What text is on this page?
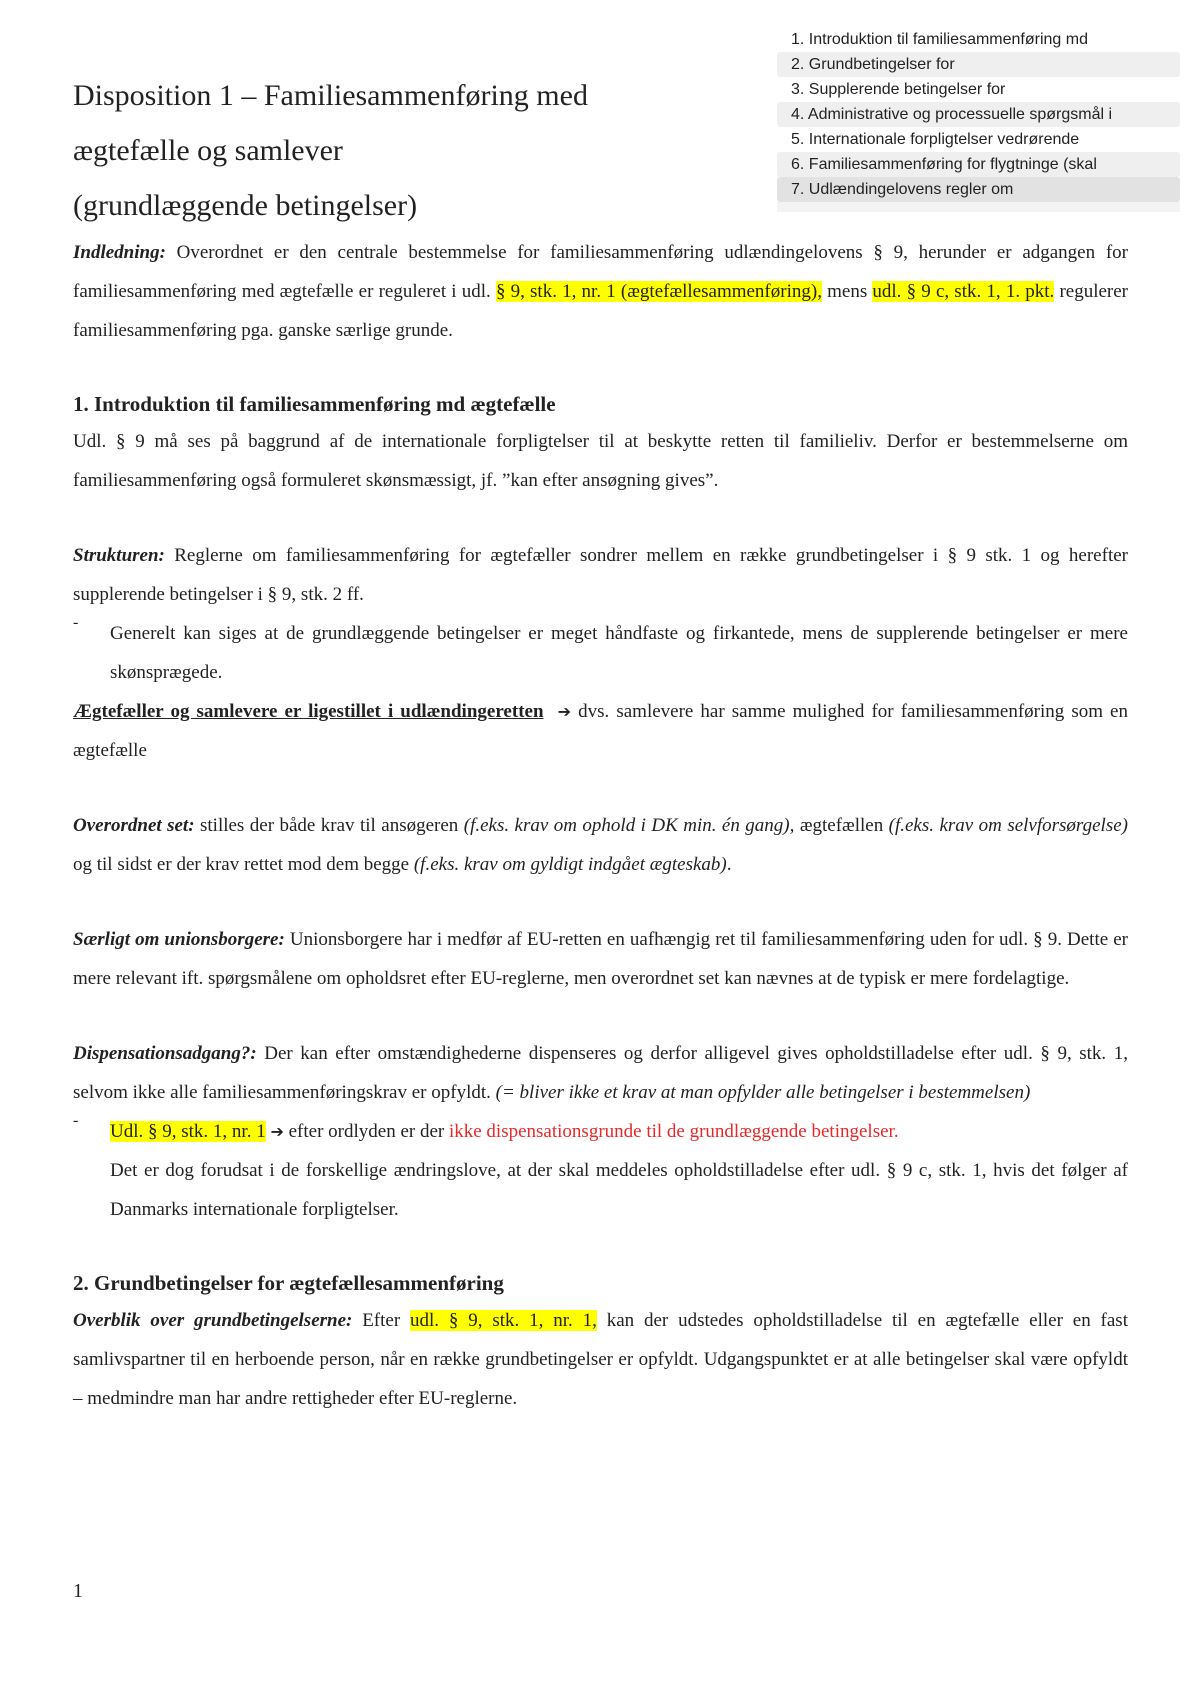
1. Introduktion til familiesammenføring md
2. Grundbetingelser for
3. Supplerende betingelser for
4. Administrative og processuelle spørgsmål i
5. Internationale forpligtelser vedrørende
6. Familiesammenføring for flygtninge (skal
7. Udlændingelovens regler om
Disposition 1 – Familiesammenføring med
ægtefælle og samlever
(grundlæggende betingelser)

Indledning: Overordnet er den centrale bestemmelse for familiesammenføring udlændingelovens § 9, herunder er adgangen for familiesammenføring med ægtefælle er reguleret i udl. § 9, stk. 1, nr. 1 (ægtefællesammenføring), mens udl. § 9 c, stk. 1, 1. pkt. regulerer familiesammenføring pga. ganske særlige grunde.

1. Introduktion til familiesammenføring md ægtefælle

Udl. § 9 må ses på baggrund af de internationale forpligtelser til at beskytte retten til familieliv. Derfor er bestemmelserne om familiesammenføring også formuleret skønsmæssigt, jf. ”kan efter ansøgning gives”.

Strukturen: Reglerne om familiesammenføring for ægtefæller sondrer mellem en række grundbetingelser i § 9 stk. 1 og herefter supplerende betingelser i § 9, stk. 2 ff.

-

Generelt kan siges at de grundlæggende betingelser er meget håndfaste og firkantede, mens de supplerende betingelser er mere skønsprægede.

Ægtefæller og samlevere er ligestillet i udlændingeretten ➔ dvs. samlevere har samme mulighed for familiesammenføring som en ægtefælle

Overordnet set: stilles der både krav til ansøgeren (f.eks. krav om ophold i DK min. én gang), ægtefællen (f.eks. krav om selvforsørgelse) og til sidst er der krav rettet mod dem begge (f.eks. krav om gyldigt indgået ægteskab).

Særligt om unionsborgere: Unionsborgere har i medfør af EU-retten en uafhængig ret til familiesammenføring uden for udl. § 9. Dette er mere relevant ift. spørgsmålene om opholdsret efter EU-reglerne, men overordnet set kan nævnes at de typisk er mere fordelagtige.

Dispensationsadgang?: Der kan efter omstændighederne dispenseres og derfor alligevel gives opholdstilladelse efter udl. § 9, stk. 1, selvom ikke alle familiesammenføringskrav er opfyldt. (= bliver ikke et krav at man opfylder alle betingelser i bestemmelsen)

-

Udl. § 9, stk. 1, nr. 1 ➔ efter ordlyden er der ikke dispensationsgrunde til de grundlæggende betingelser.

Det er dog forudsat i de forskellige ændringslove, at der skal meddeles opholdstilladelse efter udl. § 9 c, stk. 1, hvis det følger af Danmarks internationale forpligtelser.

2. Grundbetingelser for ægtefællesammenføring

Overblik over grundbetingelserne: Efter udl. § 9, stk. 1, nr. 1, kan der udstedes opholdstilladelse til en ægtefælle eller en fast samlivspartner til en herboende person, når en række grundbetingelser er opfyldt. Udgangspunktet er at alle betingelser skal være opfyldt – medmindre man har andre rettigheder efter EU-reglerne.

1
